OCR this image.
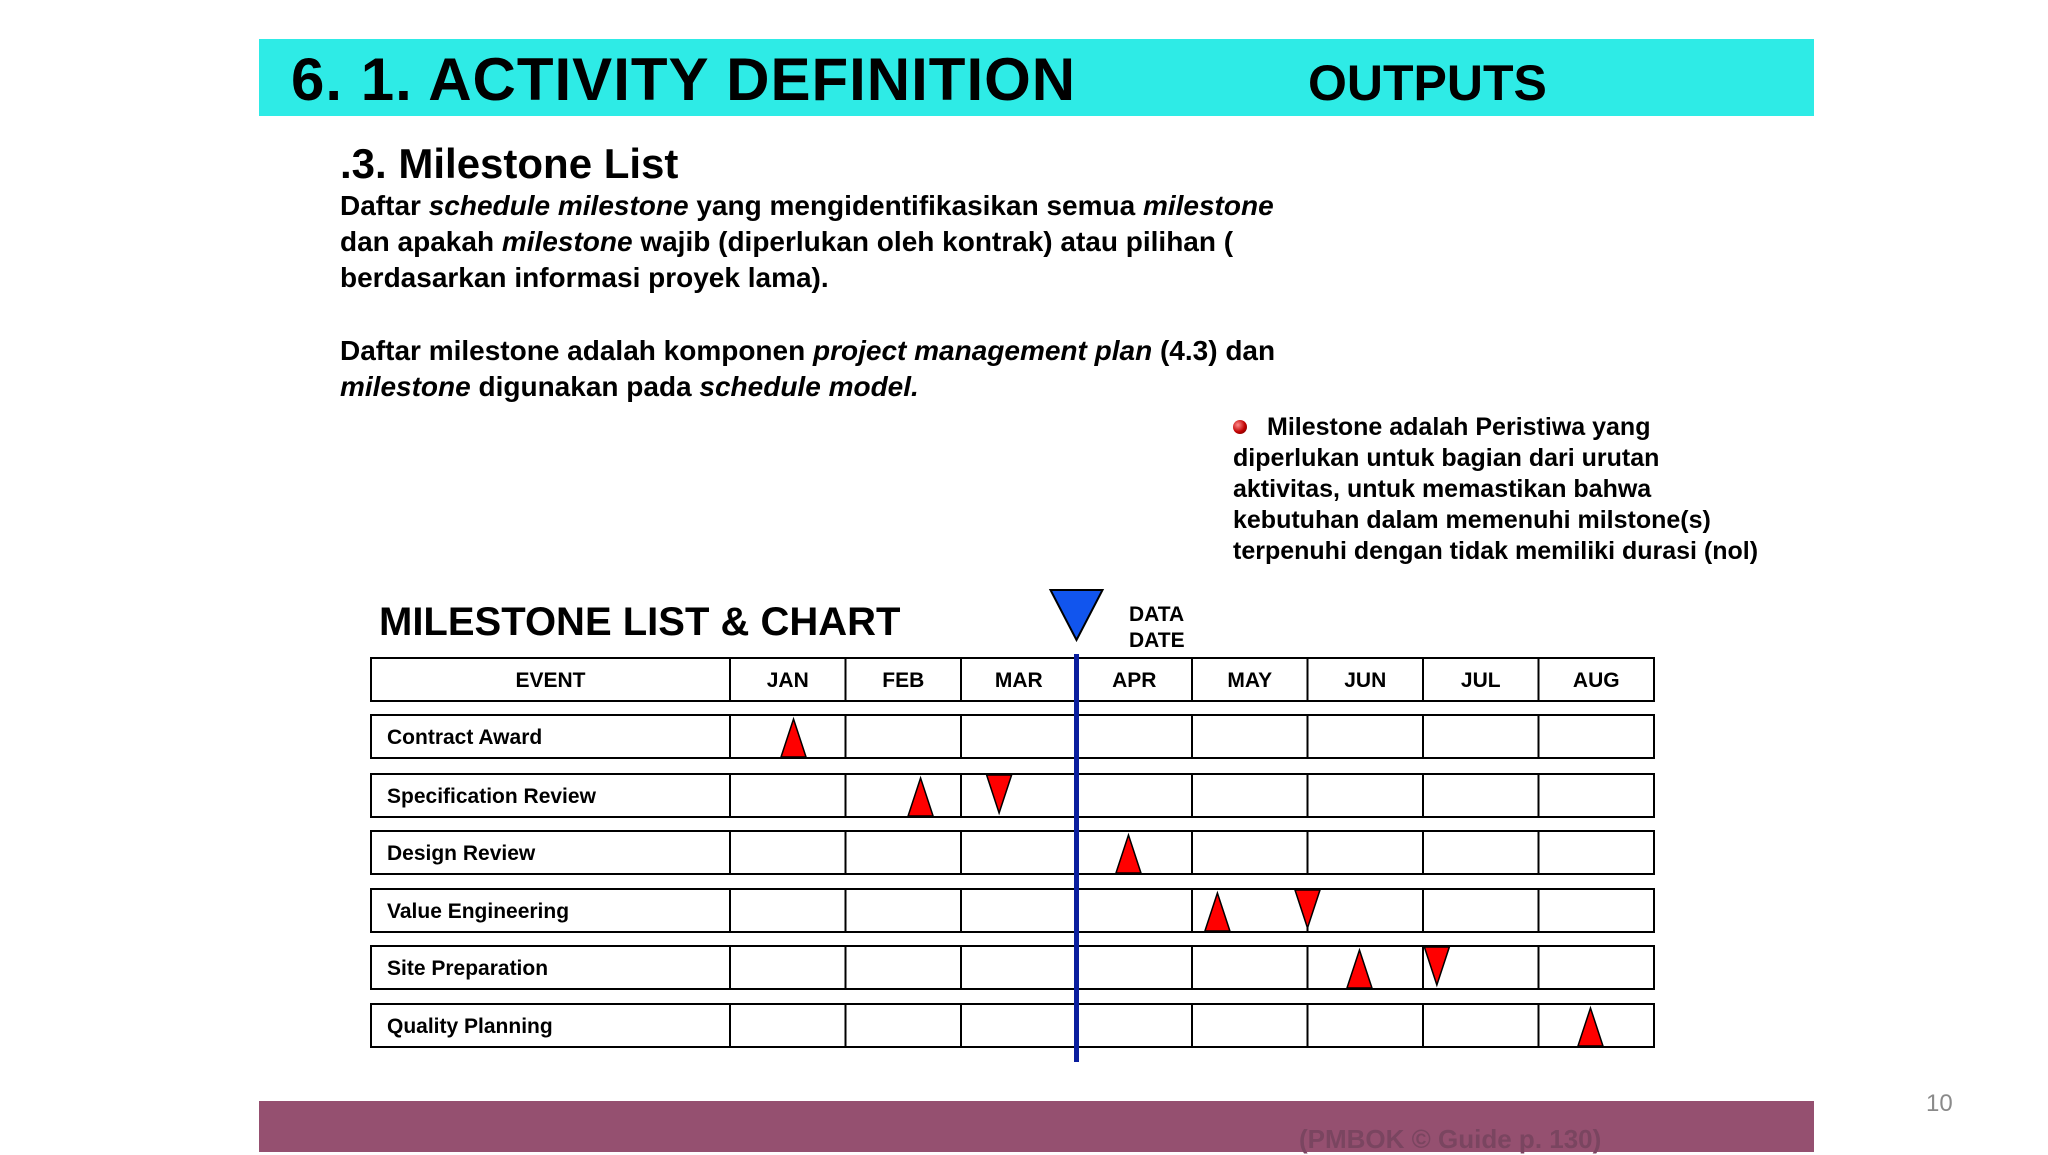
6. 1. ACTIVITY DEFINITION	OUTPUTS
.3. Milestone List
Daftar schedule milestone yang mengidentifikasikan semua milestone
dan apakah milestone wajib (diperlukan oleh kontrak) atau pilihan (
berdasarkan informasi proyek lama).
Daftar milestone adalah komponen project management plan (4.3) dan
milestone digunakan pada schedule model.
Milestone adalah Peristiwa yang
diperlukan untuk bagian dari urutan
aktivitas, untuk memastikan bahwa
kebutuhan dalam memenuhi milstone(s)
terpenuhi dengan tidak memiliki durasi (nol)
MILESTONE LIST & CHART	DATA
DATE
EVENT	JAN	FEB	MAR	APR	MAY	JUN	JUL	AUG
Contract Award
Specification Review
Design Review
Value Engineering
Site Preparation
Quality Planning
(PMBOK © Guide p. 130)
10
